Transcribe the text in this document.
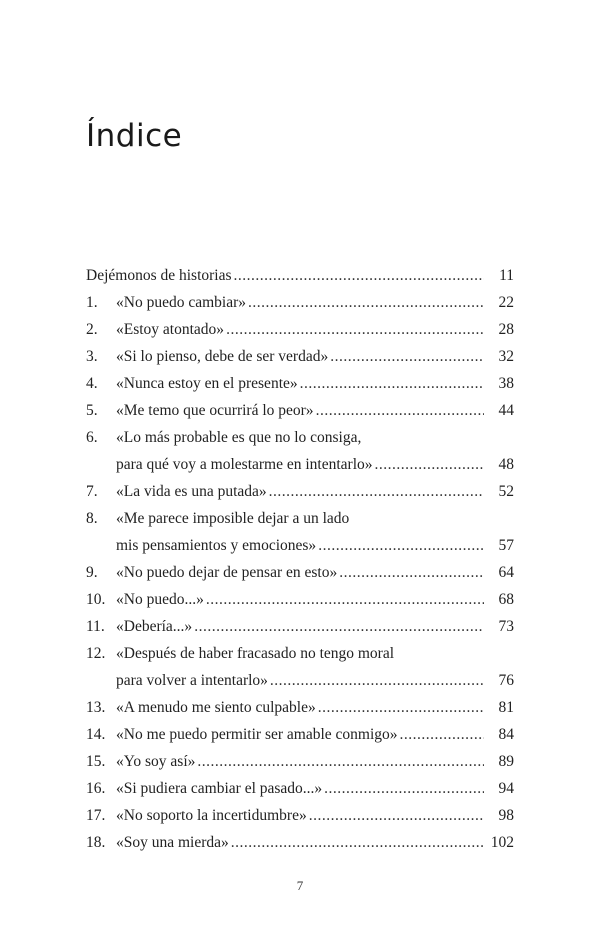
Índice
Dejémonos de historias .....	11
1.	«No puedo cambiar» .....	22
2.	«Estoy atontado» .....	28
3.	«Si lo pienso, debe de ser verdad» .....	32
4.	«Nunca estoy en el presente» .....	38
5.	«Me temo que ocurrirá lo peor» .....	44
6.	«Lo más probable es que no lo consiga,
para qué voy a molestarme en intentarlo» .....	48
7.	«La vida es una putada» .....	52
8.	«Me parece imposible dejar a un lado
mis pensamientos y emociones» .....	57
9.	«No puedo dejar de pensar en esto» .....	64
10. «No puedo...» .....	68
11. «Debería...» .....	73
12. «Después de haber fracasado no tengo moral
para volver a intentarlo» .....	76
13. «A menudo me siento culpable» .....	81
14. «No me puedo permitir ser amable conmigo» .....	84
15. «Yo soy así» .....	89
16. «Si pudiera cambiar el pasado...» .....	94
17. «No soporto la incertidumbre» .....	98
18. «Soy una mierda» .....	102
7
